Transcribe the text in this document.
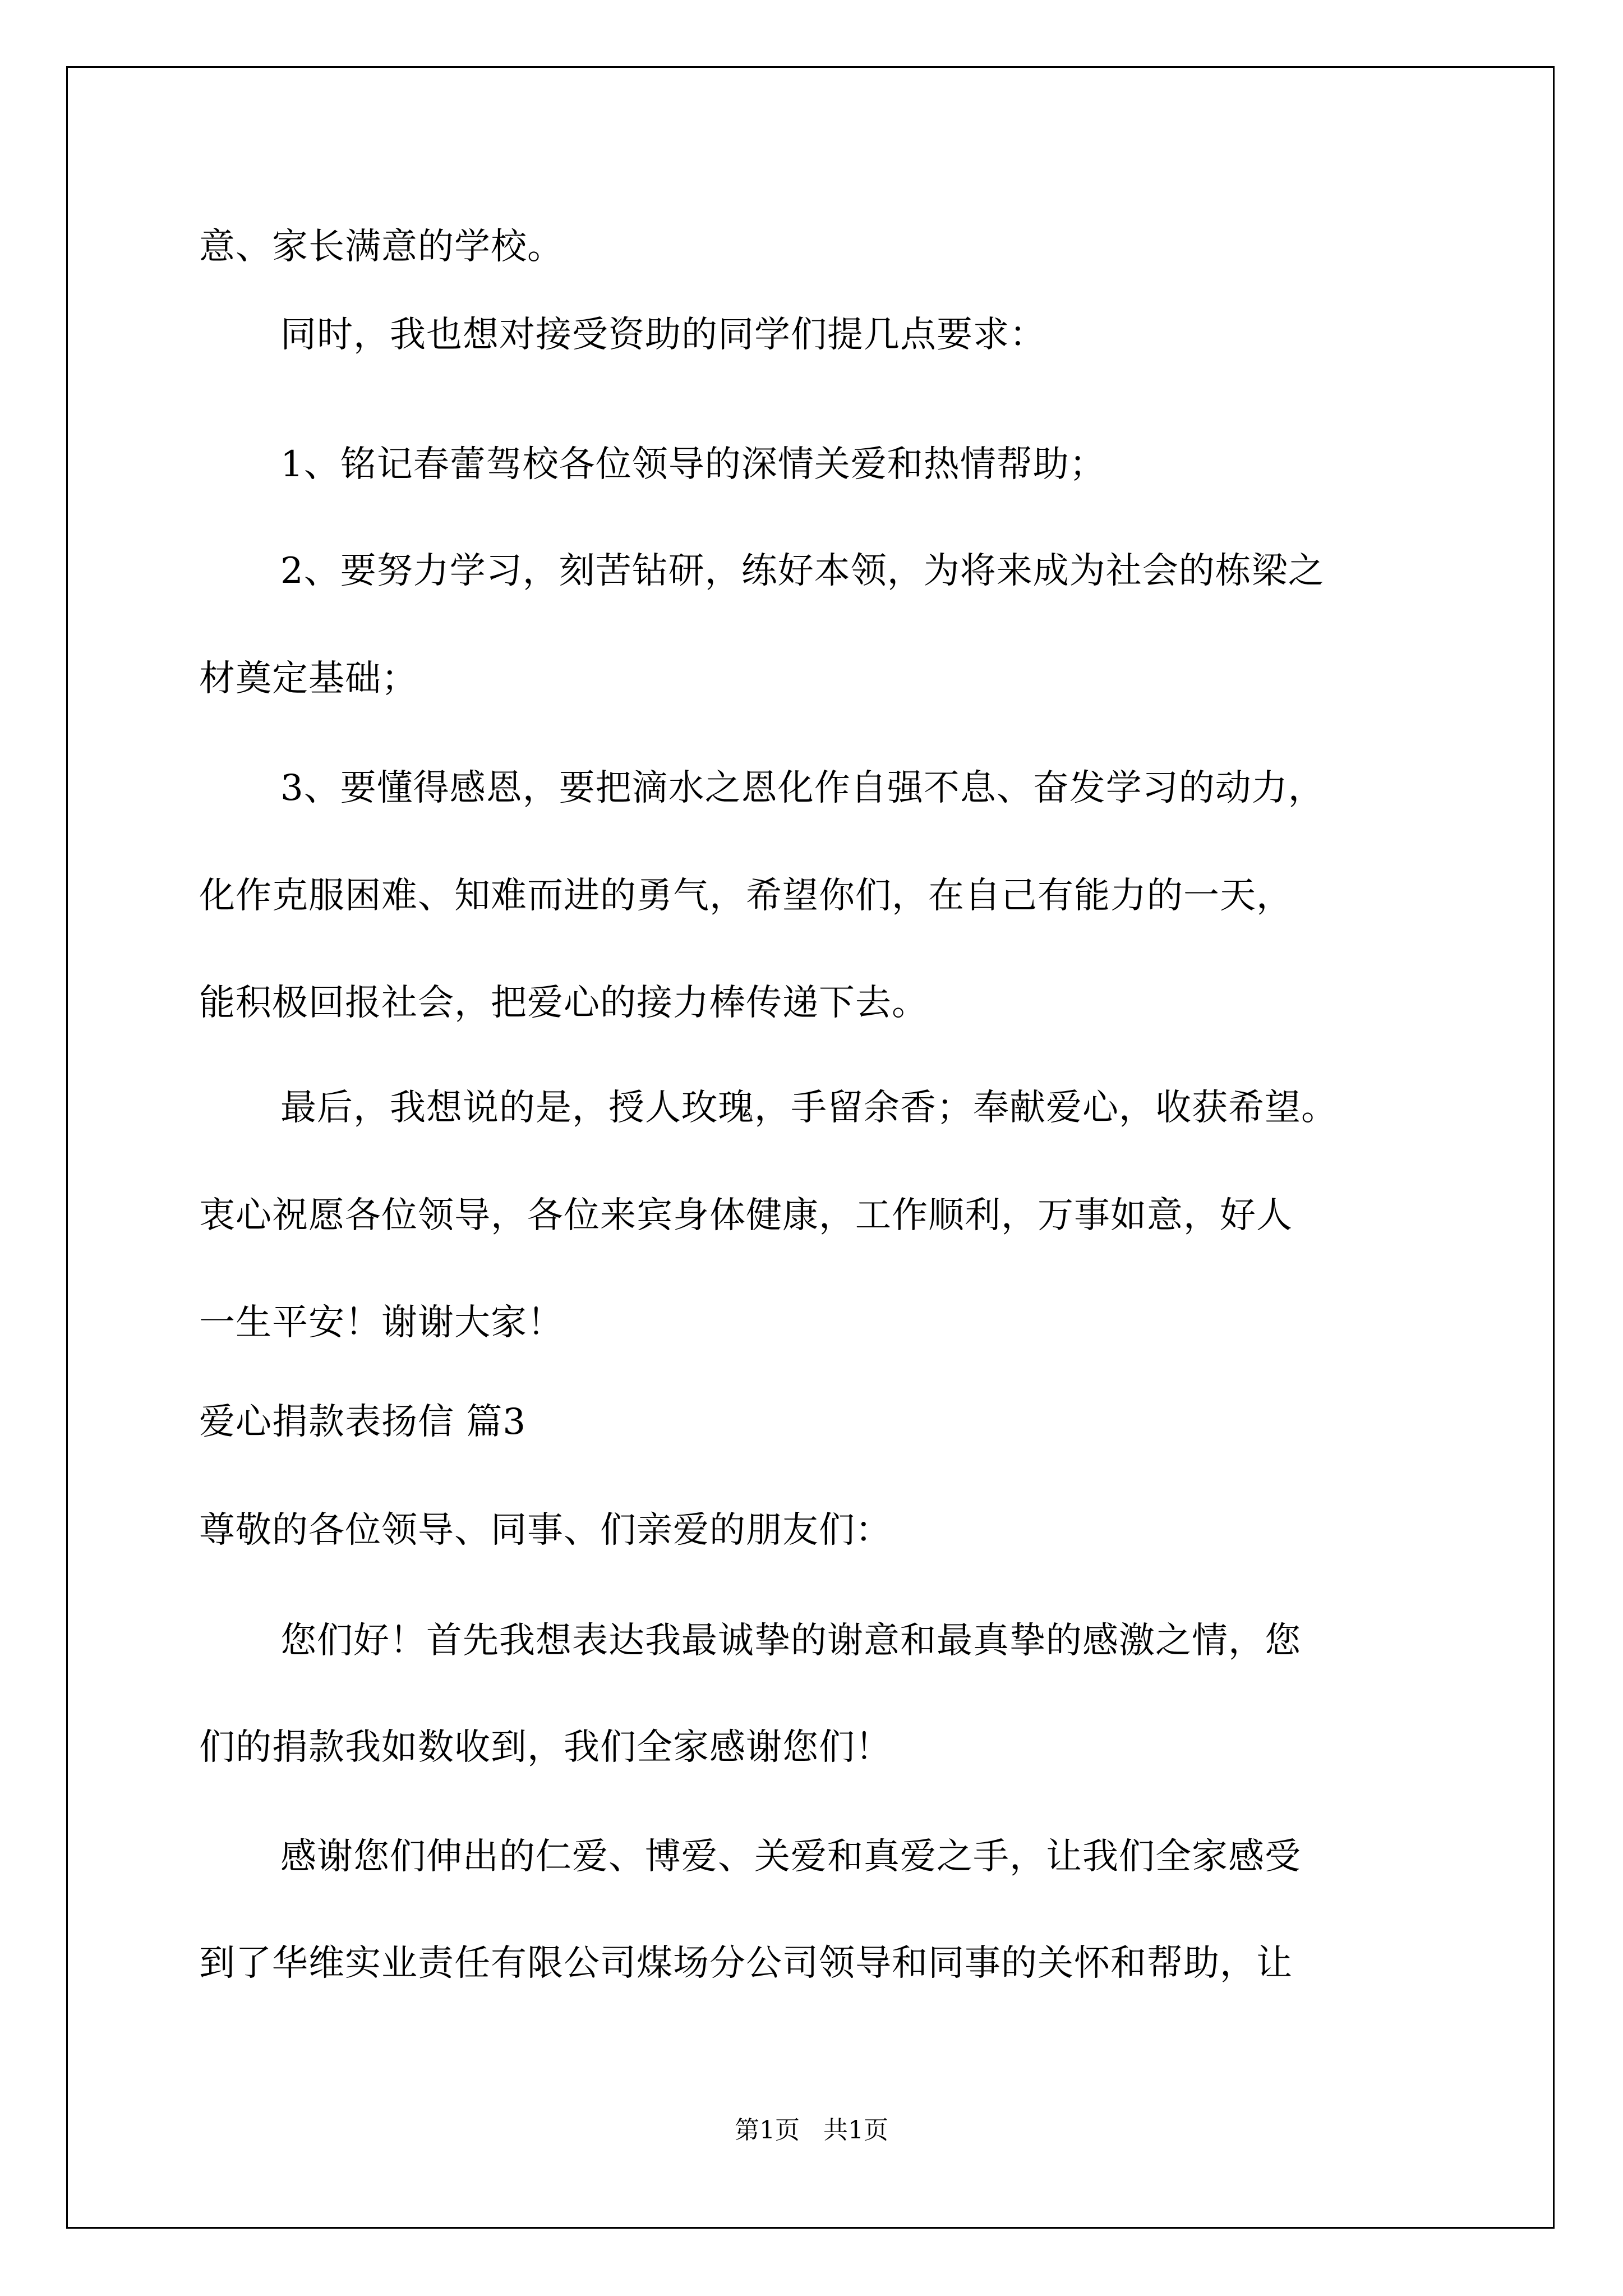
意、家长满意的学校。
同时，我也想对接受资助的同学们提几点要求：
1、铭记春蕾驾校各位领导的深情关爱和热情帮助；
2、要努力学习，刻苦钻研，练好本领，为将来成为社会的栋梁之
材奠定基础；
3、要懂得感恩，要把滴水之恩化作自强不息、奋发学习的动力，
化作克服困难、知难而进的勇气，希望你们，在自己有能力的一天，
能积极回报社会，把爱心的接力棒传递下去。
最后，我想说的是，授人玫瑰，手留余香；奉献爱心，收获希望。
衷心祝愿各位领导，各位来宾身体健康，工作顺利，万事如意，好人
一生平安！谢谢大家！
爱心捐款表扬信 篇3
尊敬的各位领导、同事、们亲爱的朋友们：
您们好！首先我想表达我最诚挚的谢意和最真挚的感激之情，您
们的捐款我如数收到，我们全家感谢您们！
感谢您们伸出的仁爱、博爱、关爱和真爱之手，让我们全家感受
到了华维实业责任有限公司煤场分公司领导和同事的关怀和帮助，让
第1页   共1页
